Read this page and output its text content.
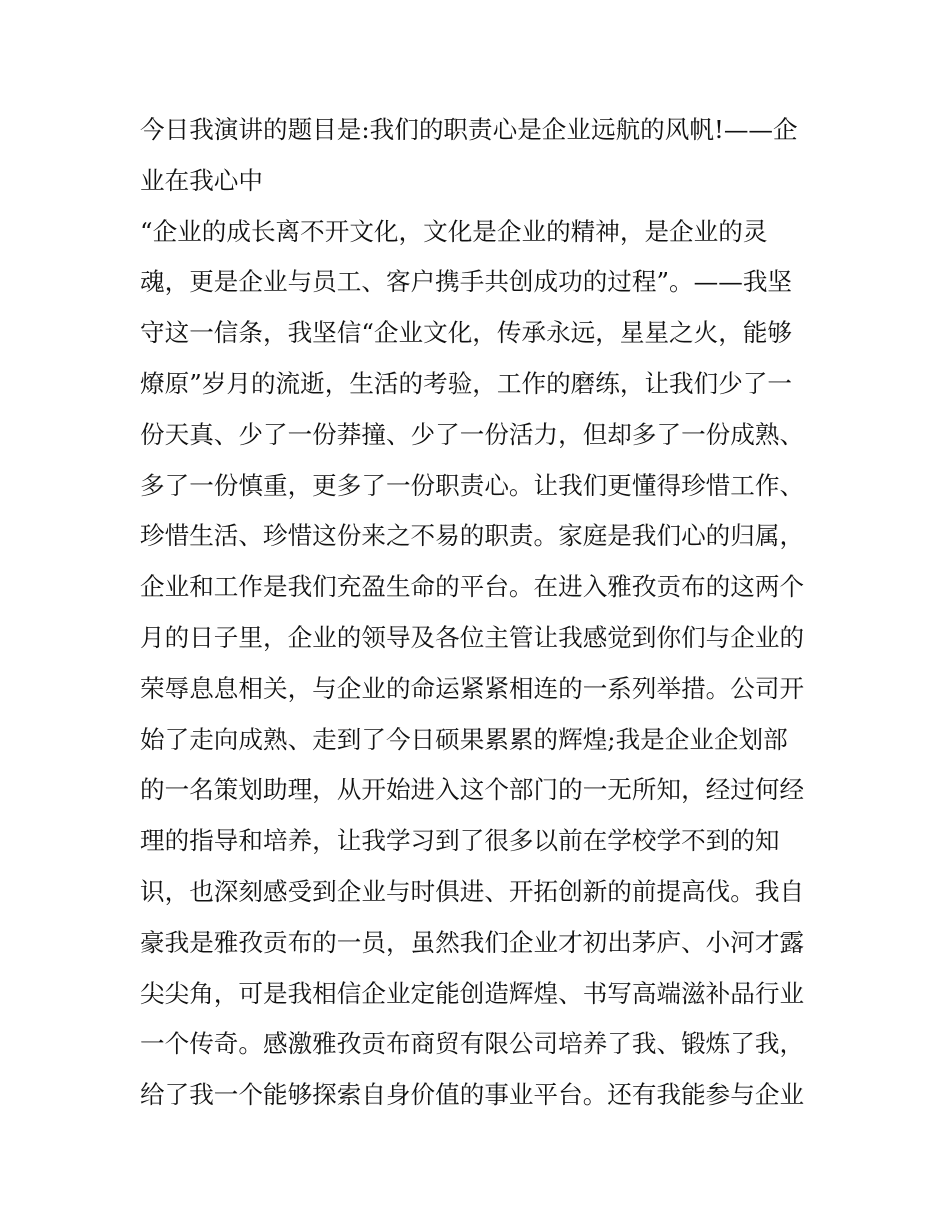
今日我演讲的题目是:我们的职责心是企业远航的风帆!——企
业在我心中
“企业的成长离不开文化，文化是企业的精神，是企业的灵
魂，更是企业与员工、客户携手共创成功的过程”。——我坚
守这一信条，我坚信“企业文化，传承永远，星星之火，能够
燎原”岁月的流逝，生活的考验，工作的磨练，让我们少了一
份天真、少了一份莽撞、少了一份活力，但却多了一份成熟、
多了一份慎重，更多了一份职责心。让我们更懂得珍惜工作、
珍惜生活、珍惜这份来之不易的职责。家庭是我们心的归属，
企业和工作是我们充盈生命的平台。在进入雅孜贡布的这两个
月的日子里，企业的领导及各位主管让我感觉到你们与企业的
荣辱息息相关，与企业的命运紧紧相连的一系列举措。公司开
始了走向成熟、走到了今日硕果累累的辉煌;我是企业企划部
的一名策划助理，从开始进入这个部门的一无所知，经过何经
理的指导和培养，让我学习到了很多以前在学校学不到的知
识，也深刻感受到企业与时俱进、开拓创新的前提高伐。我自
豪我是雅孜贡布的一员，虽然我们企业才初出茅庐、小河才露
尖尖角，可是我相信企业定能创造辉煌、书写高端滋补品行业
一个传奇。感激雅孜贡布商贸有限公司培养了我、锻炼了我，
给了我一个能够探索自身价值的事业平台。还有我能参与企业
